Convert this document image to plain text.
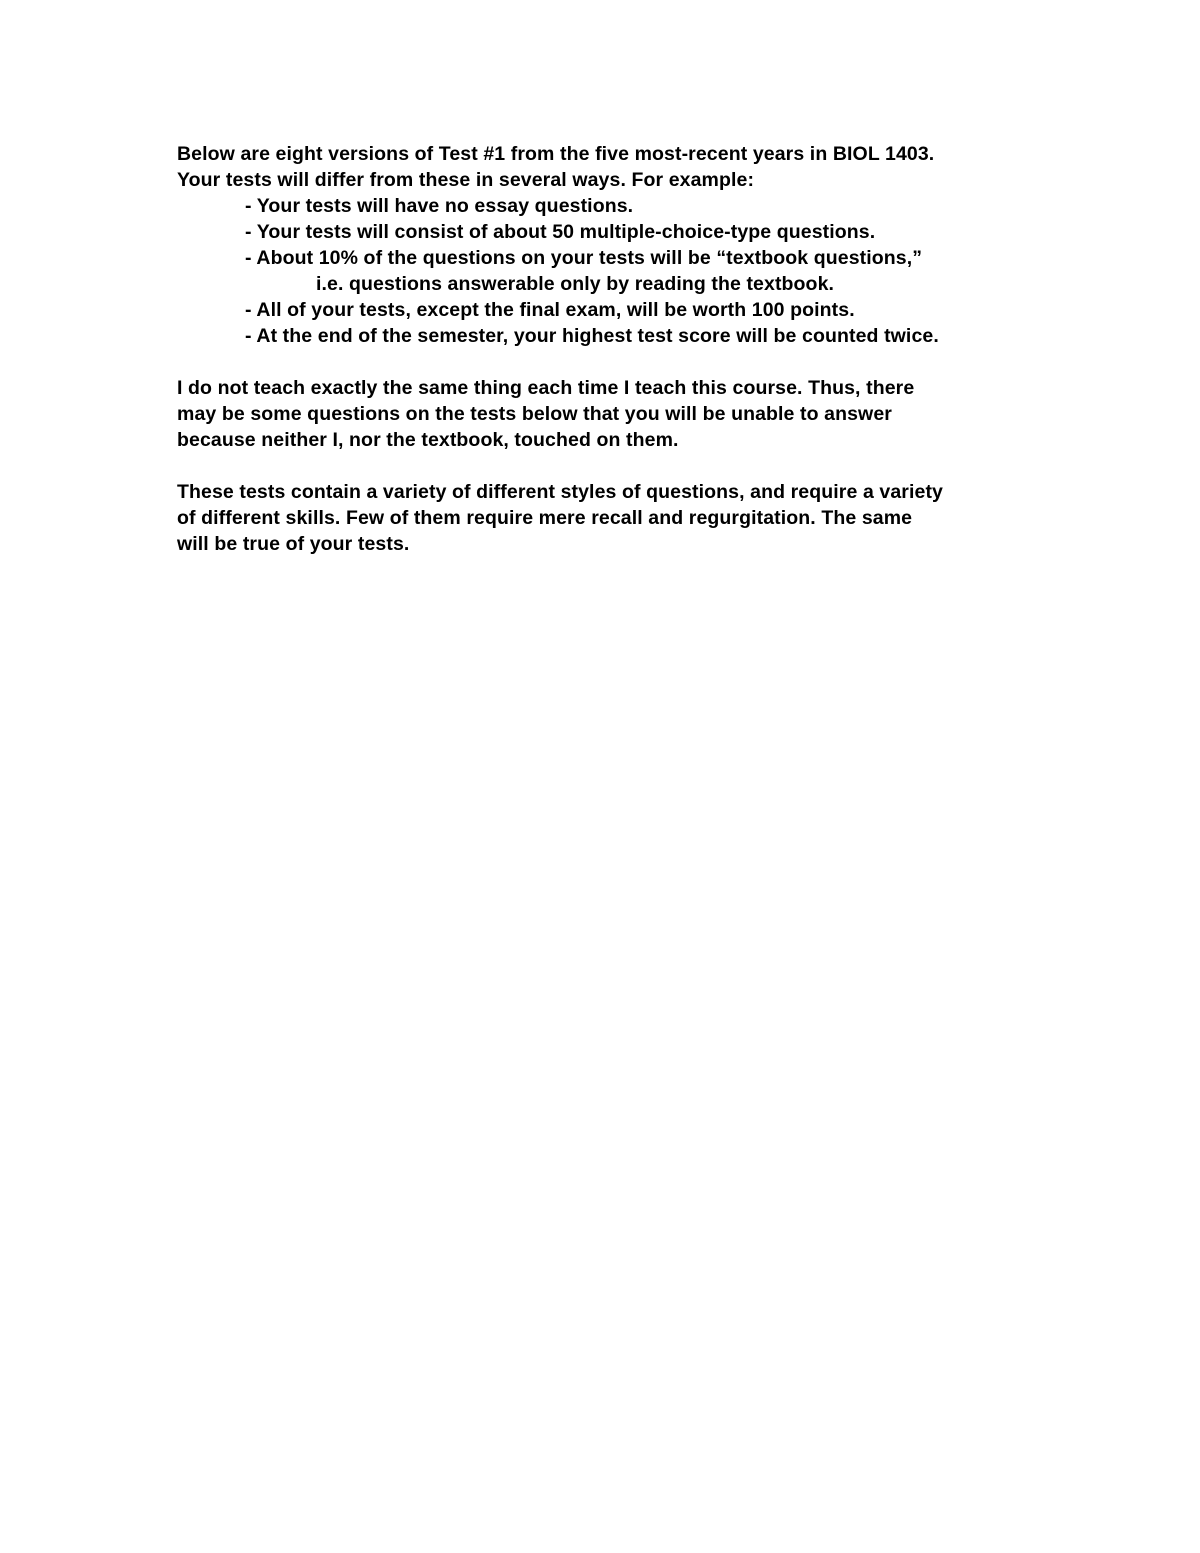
Below are eight versions of Test #1 from the five most-recent years in BIOL 1403.
Your tests will differ from these in several ways. For example:
- Your tests will have no essay questions.
- Your tests will consist of about 50 multiple-choice-type questions.
- About 10% of the questions on your tests will be “textbook questions,”
i.e. questions answerable only by reading the textbook.
- All of your tests, except the final exam, will be worth 100 points.
- At the end of the semester, your highest test score will be counted twice.
I do not teach exactly the same thing each time I teach this course. Thus, there
may be some questions on the tests below that you will be unable to answer
because neither I, nor the textbook, touched on them.
These tests contain a variety of different styles of questions, and require a variety
of different skills. Few of them require mere recall and regurgitation. The same
will be true of your tests.
